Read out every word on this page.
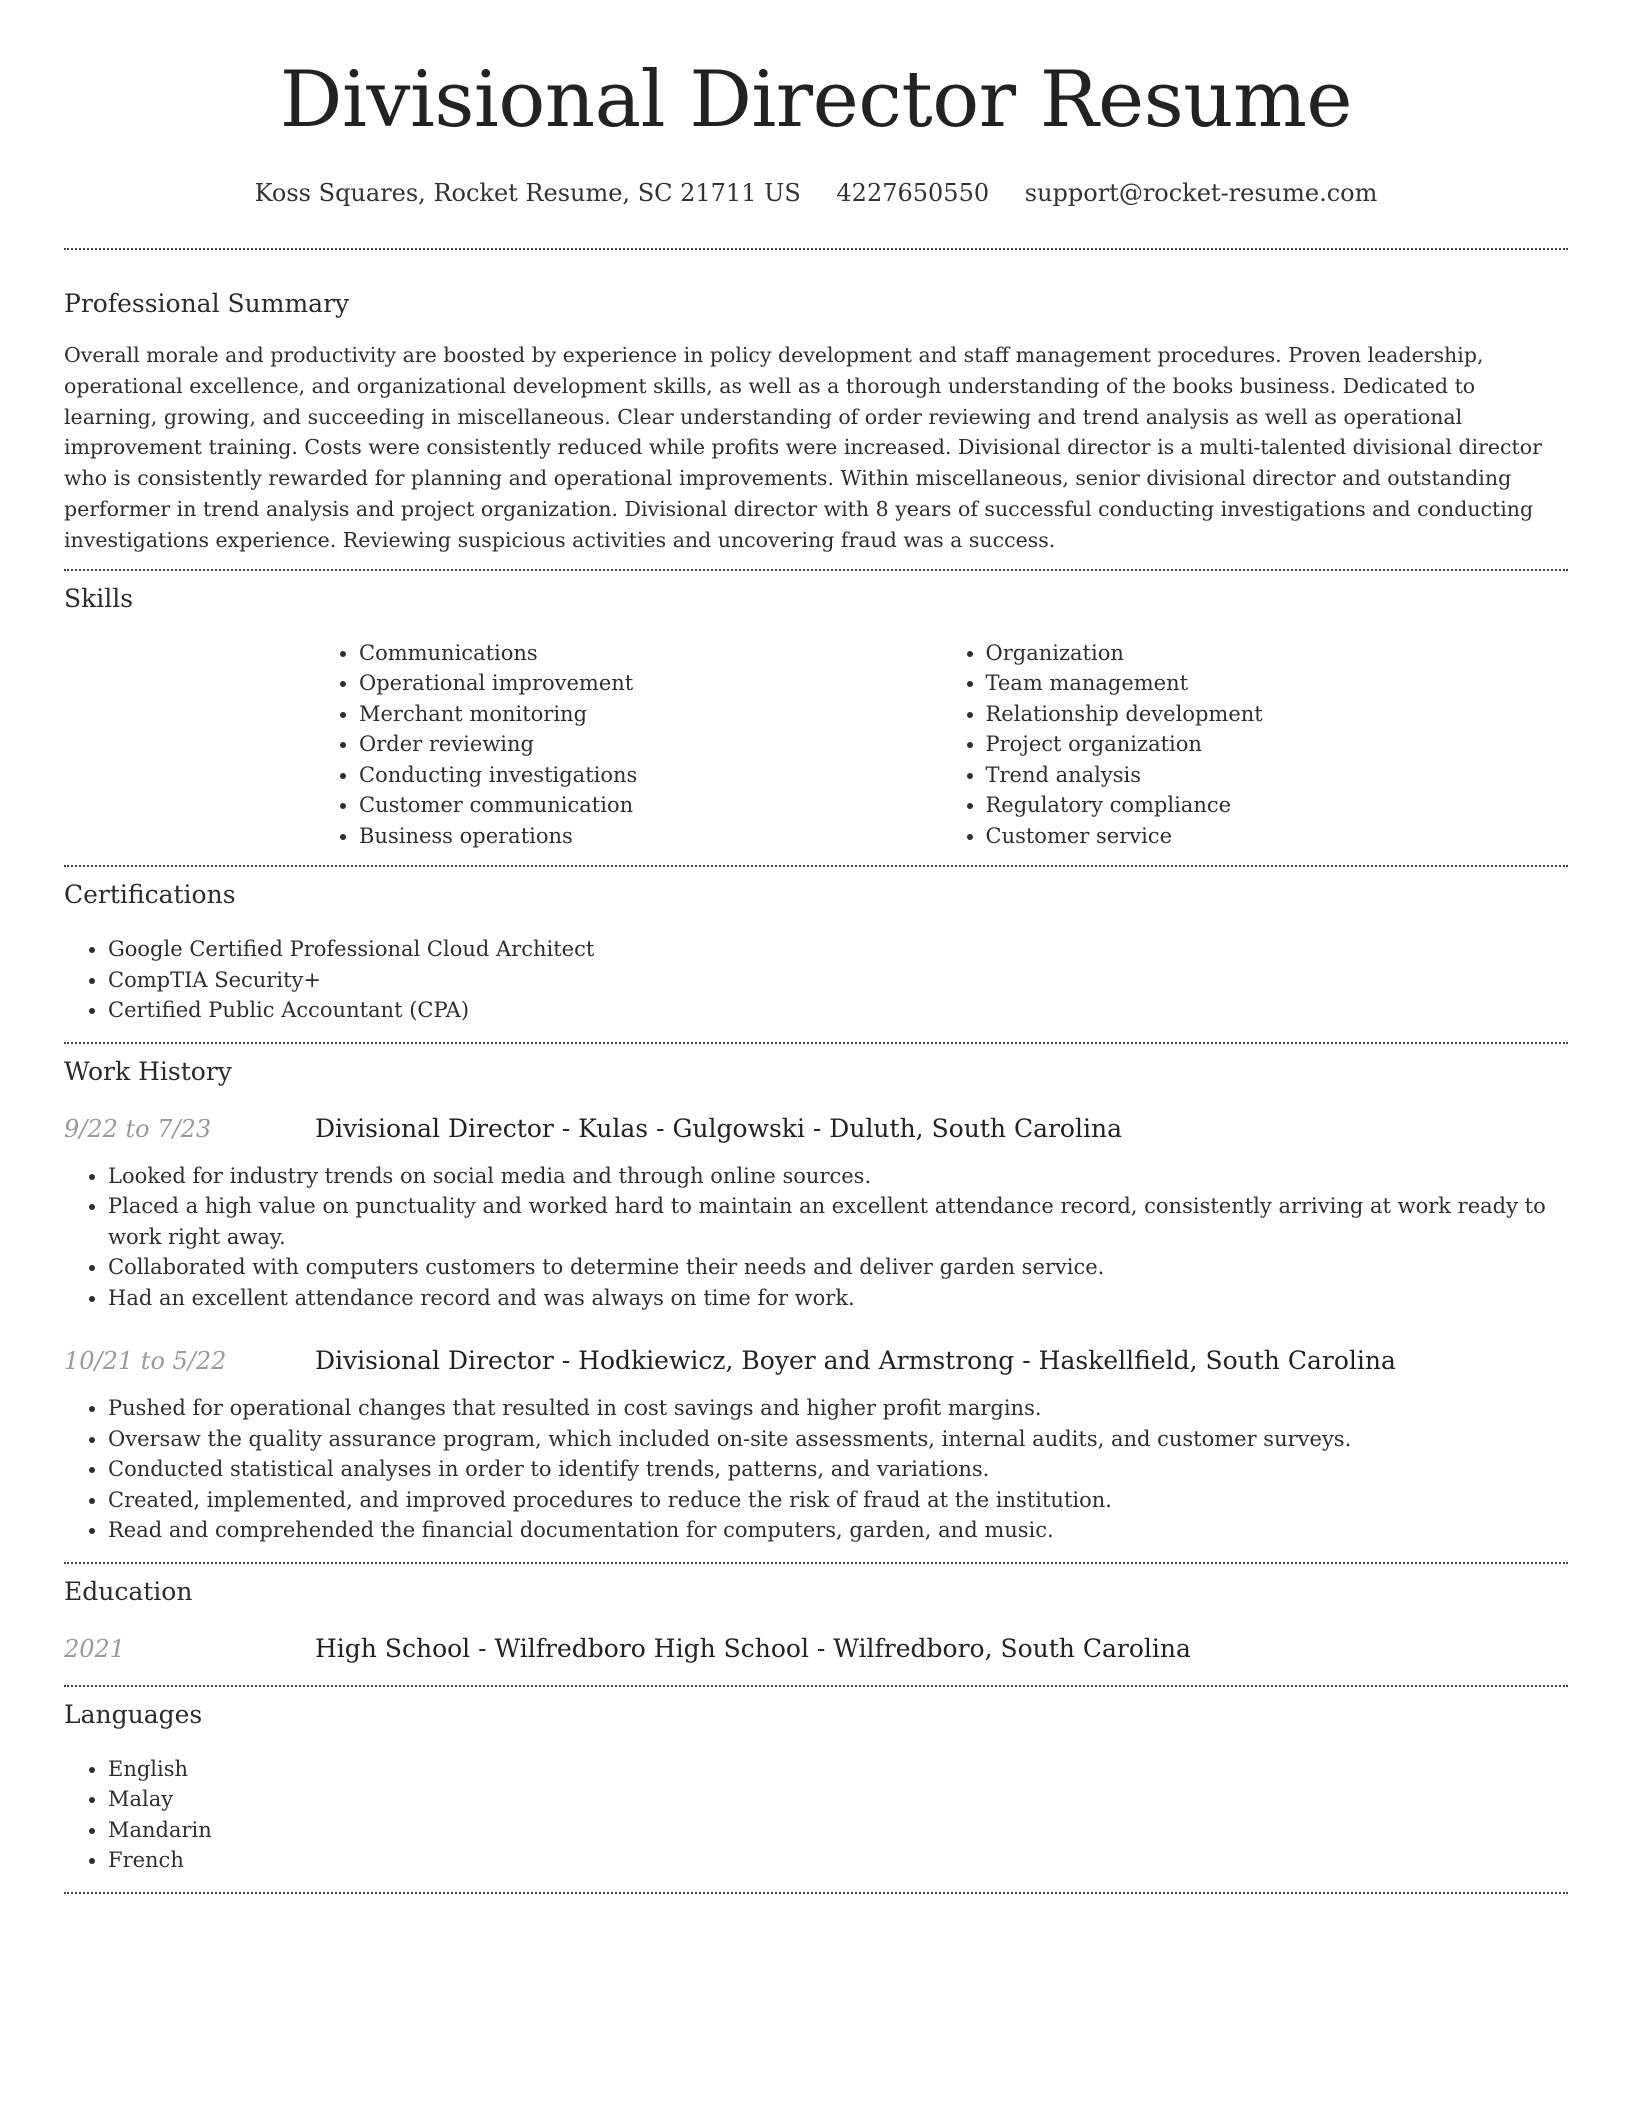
Divisional Director Resume
Koss Squares, Rocket Resume, SC 21711 US 4227650550 support@rocket-resume.com
Professional Summary

Overall morale and productivity are boosted by experience in policy development and staff management procedures. Proven leadership, operational excellence, and organizational development skills, as well as a thorough understanding of the books business. Dedicated to learning, growing, and succeeding in miscellaneous. Clear understanding of order reviewing and trend analysis as well as operational improvement training. Costs were consistently reduced while profits were increased. Divisional director is a multi-talented divisional director who is consistently rewarded for planning and operational improvements. Within miscellaneous, senior divisional director and outstanding performer in trend analysis and project organization. Divisional director with 8 years of successful conducting investigations and conducting investigations experience. Reviewing suspicious activities and uncovering fraud was a success.

Skills
• Communications
• Operational improvement
• Merchant monitoring
• Order reviewing
• Conducting investigations
• Customer communication
• Business operations
• Organization
• Team management
• Relationship development
• Project organization
• Trend analysis
• Regulatory compliance
• Customer service
Certifications
• Google Certified Professional Cloud Architect
• CompTIA Security+
• Certified Public Accountant (CPA)
Work History
9/22 to 7/23	Divisional Director - Kulas - Gulgowski - Duluth, South Carolina
• Looked for industry trends on social media and through online sources.
• Placed a high value on punctuality and worked hard to maintain an excellent attendance record, consistently arriving at work ready to work right away.
• Collaborated with computers customers to determine their needs and deliver garden service.
• Had an excellent attendance record and was always on time for work.
10/21 to 5/22	Divisional Director - Hodkiewicz, Boyer and Armstrong - Haskellfield, South Carolina
• Pushed for operational changes that resulted in cost savings and higher profit margins.
• Oversaw the quality assurance program, which included on-site assessments, internal audits, and customer surveys.
• Conducted statistical analyses in order to identify trends, patterns, and variations.
• Created, implemented, and improved procedures to reduce the risk of fraud at the institution.
• Read and comprehended the financial documentation for computers, garden, and music.
Education
2021	High School - Wilfredboro High School - Wilfredboro, South Carolina
Languages
• English
• Malay
• Mandarin
• French
